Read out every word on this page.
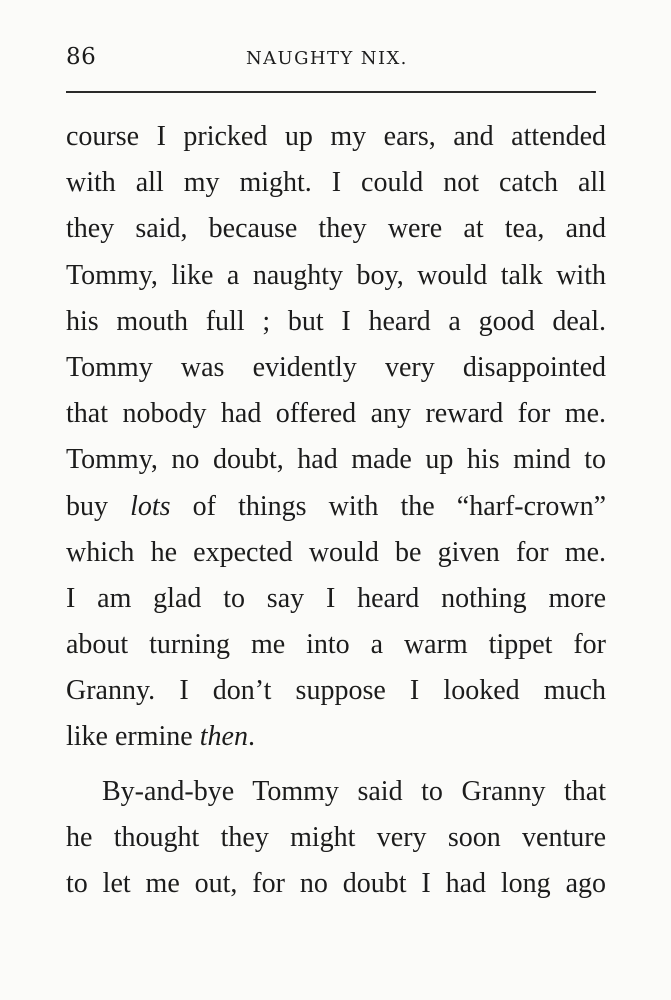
86	NAUGHTY NIX.
course I pricked up my ears, and attended
with all my might. I could not catch all
they said, because they were at tea, and
Tommy, like a naughty boy, would talk with
his mouth full ; but I heard a good deal.
Tommy was evidently very disappointed
that nobody had offered any reward for me.
Tommy, no doubt, had made up his mind to
buy lots of things with the “harf-crown”
which he expected would be given for me.
I am glad to say I heard nothing more
about turning me into a warm tippet for
Granny. I don’t suppose I looked much
like ermine then.
By-and-bye Tommy said to Granny that
he thought they might very soon venture
to let me out, for no doubt I had long ago
